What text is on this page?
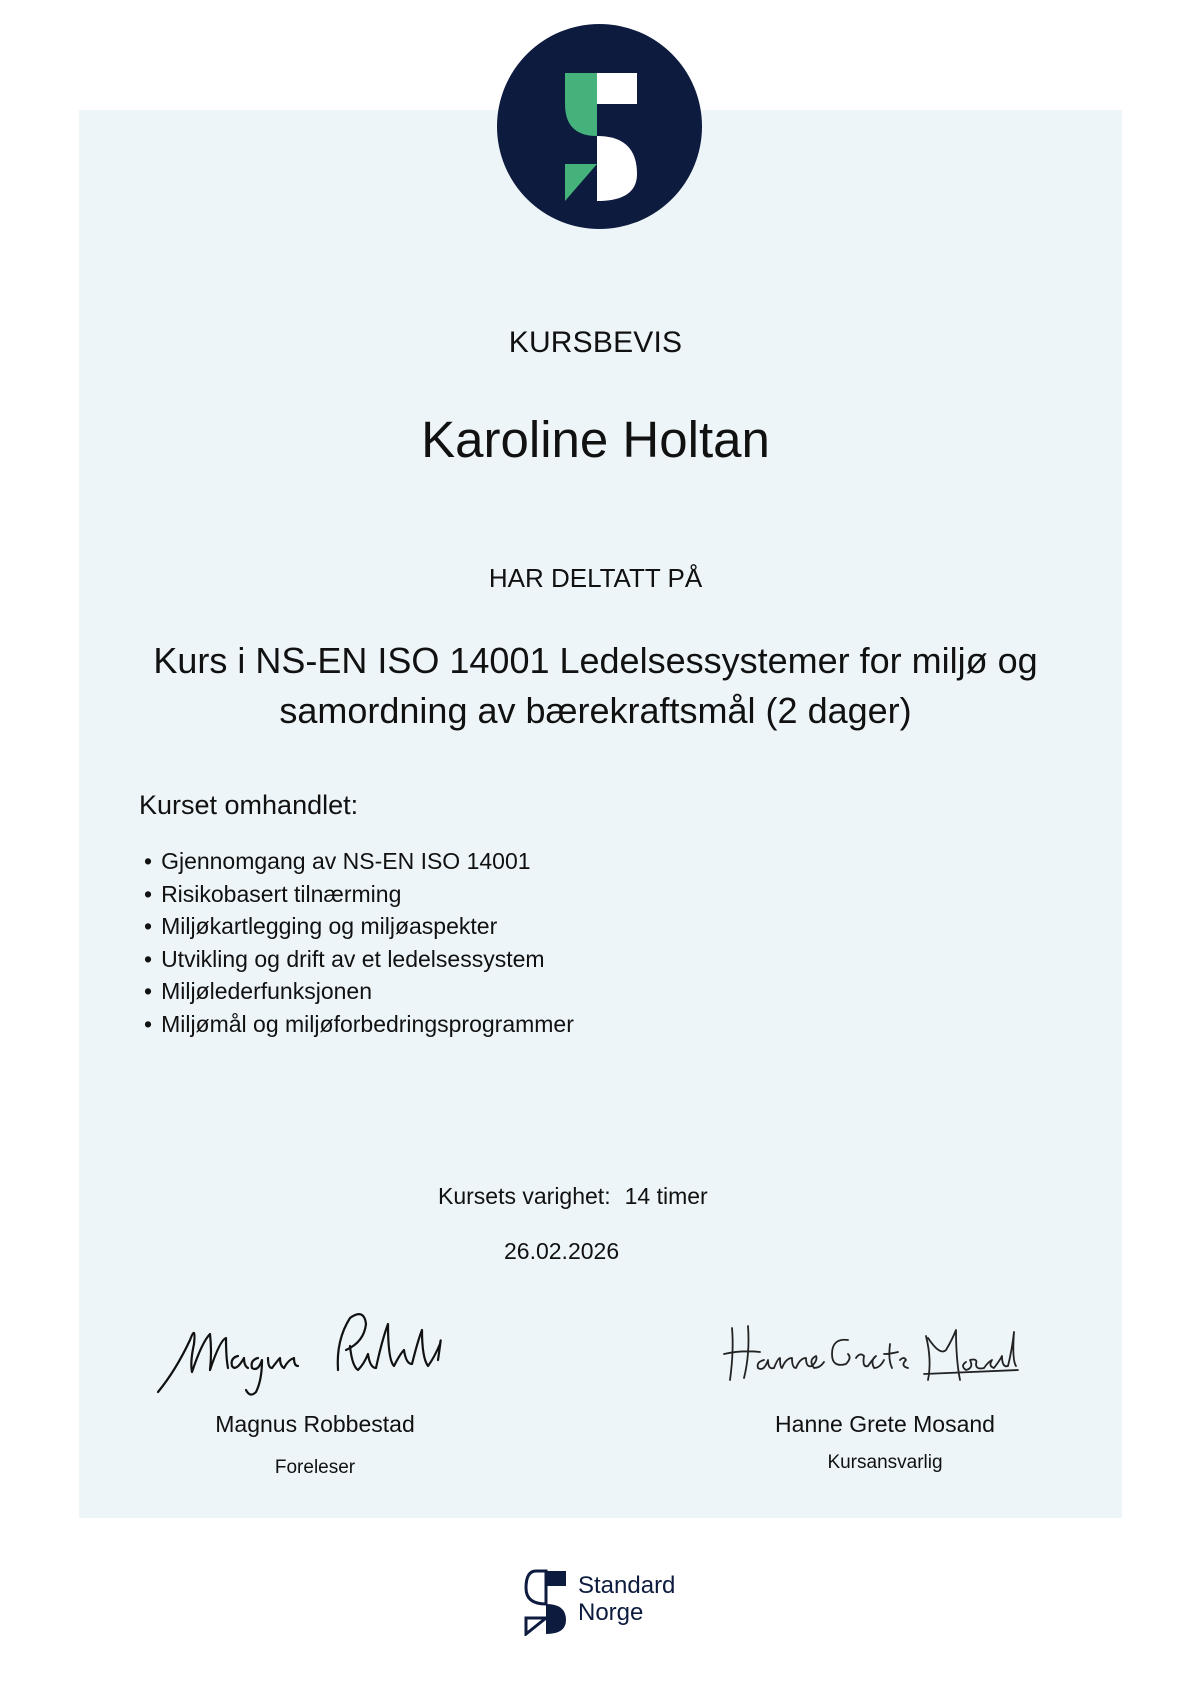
KURSBEVIS
Karoline Holtan
HAR DELTATT PÅ
Kurs i NS-EN ISO 14001 Ledelsessystemer for miljø og
samordning av bærekraftsmål (2 dager)
Kurset omhandlet:
• Gjennomgang av NS-EN ISO 14001
• Risikobasert tilnærming
• Miljøkartlegging og miljøaspekter
• Utvikling og drift av et ledelsessystem
• Miljølederfunksjonen
• Miljømål og miljøforbedringsprogrammer
Kursets varighet: 14 timer
26.02.2026
Magnus Robbestad
Foreleser
Hanne Grete Mosand
Kursansvarlig
Standard
Norge
